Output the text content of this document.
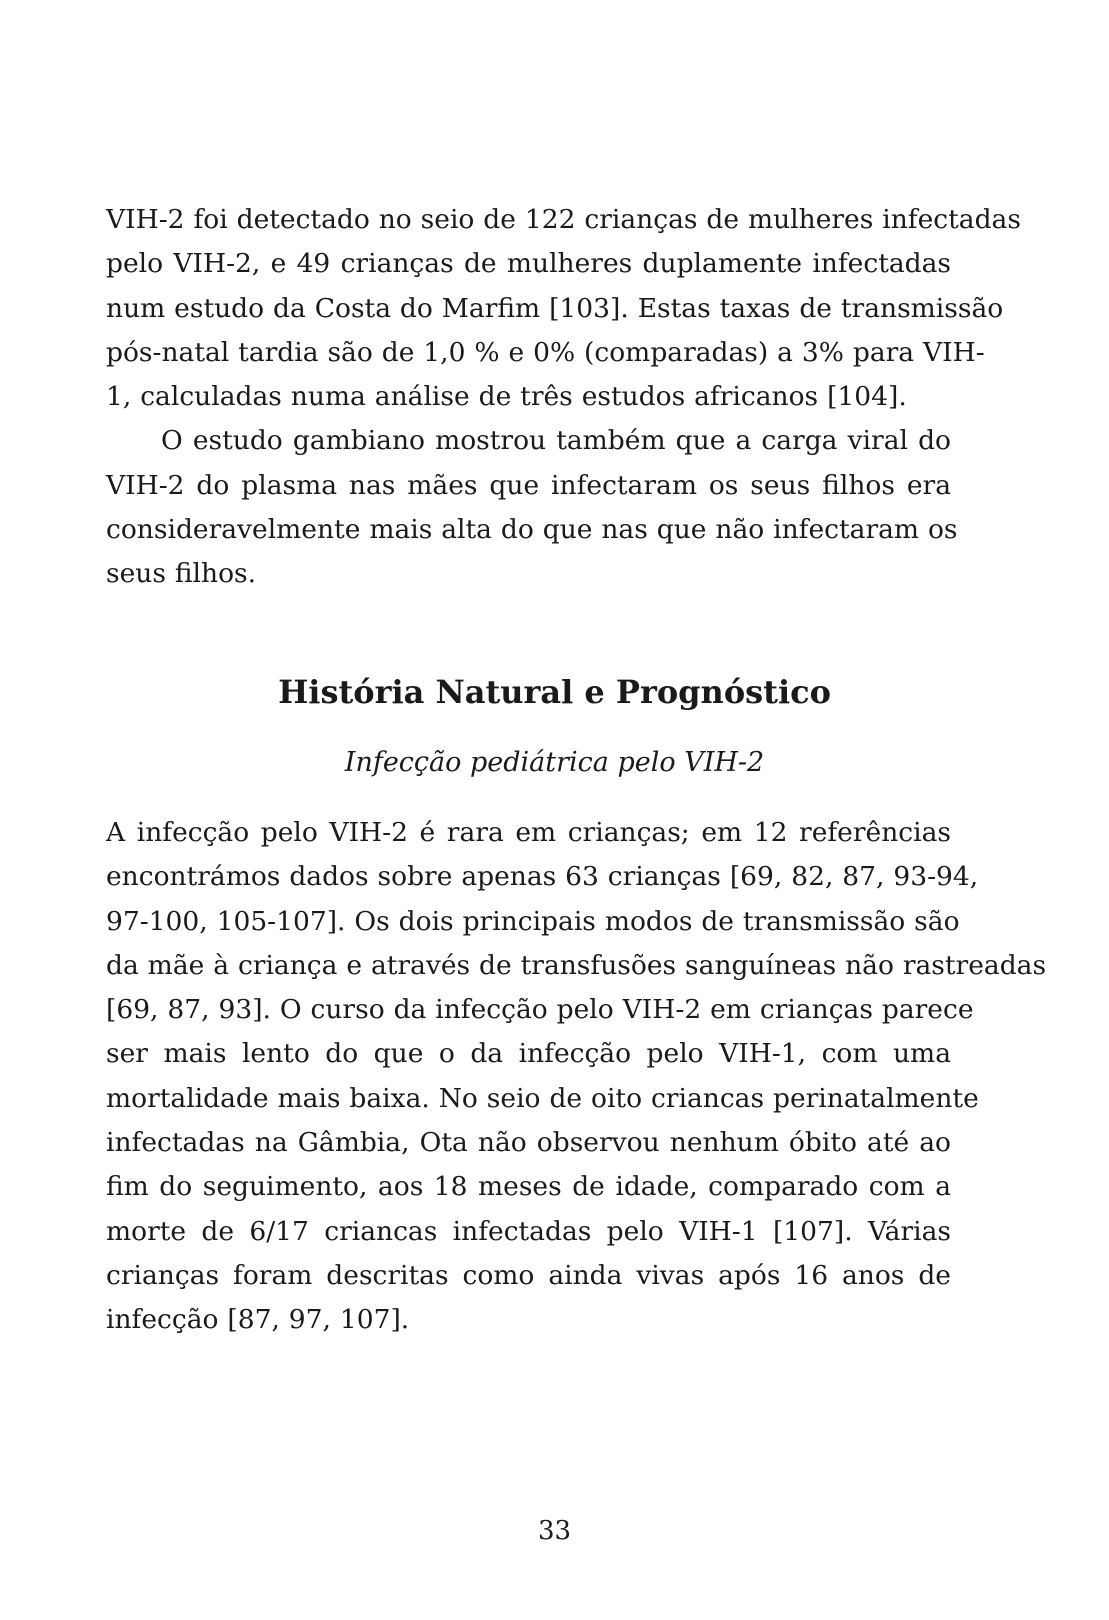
VIH-2 foi detectado no seio de 122 crianças de mulheres infectadas
pelo VIH-2, e 49 crianças de mulheres duplamente infectadas
num estudo da Costa do Marfim [103]. Estas taxas de transmissão
pós-natal tardia são de 1,0 % e 0% (comparadas) a 3% para VIH-
1, calculadas numa análise de três estudos africanos [104].
O estudo gambiano mostrou também que a carga viral do
VIH-2 do plasma nas mães que infectaram os seus filhos era
consideravelmente mais alta do que nas que não infectaram os
seus filhos.
História Natural e Prognóstico
Infecção pediátrica pelo VIH-2
A infecção pelo VIH-2 é rara em crianças; em 12 referências
encontrámos dados sobre apenas 63 crianças [69, 82, 87, 93-94,
97-100, 105-107]. Os dois principais modos de transmissão são
da mãe à criança e através de transfusões sanguíneas não rastreadas
[69, 87, 93]. O curso da infecção pelo VIH-2 em crianças parece
ser mais lento do que o da infecção pelo VIH-1, com uma
mortalidade mais baixa. No seio de oito criancas perinatalmente
infectadas na Gâmbia, Ota não observou nenhum óbito até ao
fim do seguimento, aos 18 meses de idade, comparado com a
morte de 6/17 criancas infectadas pelo VIH-1 [107]. Várias
crianças foram descritas como ainda vivas após 16 anos de
infecção [87, 97, 107].
33
